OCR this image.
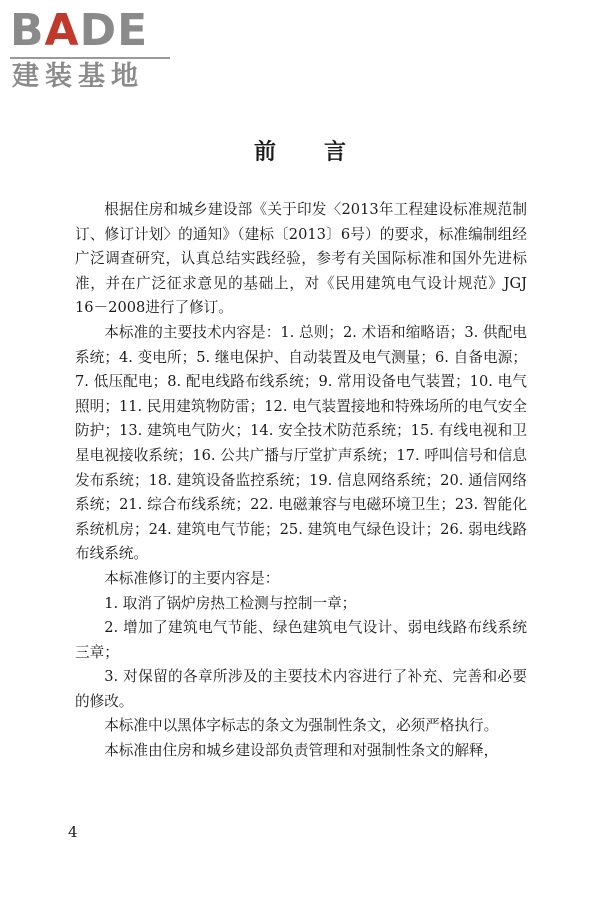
BADE
建装基地
前言

根据住房和城乡建设部《关于印发〈2013年工程建设标准规范制订、修订计划〉的通知》（建标〔2013〕6号）的要求，标准编制组经广泛调查研究，认真总结实践经验，参考有关国际标准和国外先进标准，并在广泛征求意见的基础上，对《民用建筑电气设计规范》JGJ 16－2008进行了修订。

本标准的主要技术内容是：1. 总则；2. 术语和缩略语；3. 供配电系统；4. 变电所；5. 继电保护、自动装置及电气测量；6. 自备电源；7. 低压配电；8. 配电线路布线系统；9. 常用设备电气装置；10. 电气照明；11. 民用建筑物防雷；12. 电气装置接地和特殊场所的电气安全防护；13. 建筑电气防火；14. 安全技术防范系统；15. 有线电视和卫星电视接收系统；16. 公共广播与厅堂扩声系统；17. 呼叫信号和信息发布系统；18. 建筑设备监控系统；19. 信息网络系统；20. 通信网络系统；21. 综合布线系统；22. 电磁兼容与电磁环境卫生；23. 智能化系统机房；24. 建筑电气节能；25. 建筑电气绿色设计；26. 弱电线路布线系统。

本标准修订的主要内容是：

1. 取消了锅炉房热工检测与控制一章；

2. 增加了建筑电气节能、绿色建筑电气设计、弱电线路布线系统三章；

3. 对保留的各章所涉及的主要技术内容进行了补充、完善和必要的修改。

本标准中以黑体字标志的条文为强制性条文，必须严格执行。

本标准由住房和城乡建设部负责管理和对强制性条文的解释，

4
